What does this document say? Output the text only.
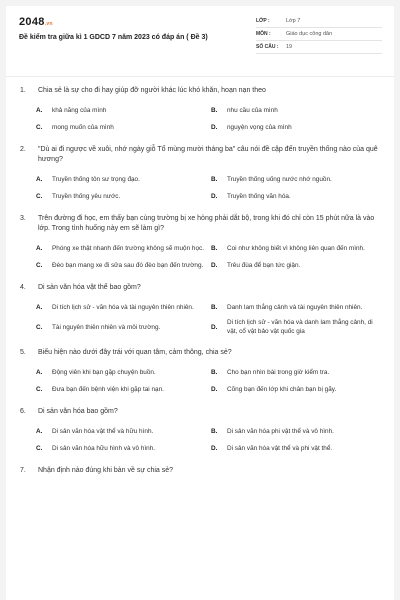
2048.vn
Đề kiểm tra giữa kì 1 GDCD 7 năm 2023 có đáp án ( Đề 3)
LỚP :	Lớp 7
MÔN :	Giáo dục công dân
SỐ CÂU :	19
1.	Chia sẻ là sự cho đi hay giúp đỡ người khác lúc khó khăn, hoạn nạn theo
A.	khả năng của mình	B.	nhu cầu của mình
C.	mong muốn của mình	D.	nguyện vọng của mình
2.	"Dù ai đi ngược về xuôi, nhớ ngày giỗ Tổ mùng mười tháng ba" câu nói đề cập đến truyền thống nào của quê hương?
A.	Truyền thống tôn sư trọng đạo.	B.	Truyền thống uống nước nhớ nguồn.
C.	Truyền thống yêu nước.	D.	Truyền thống văn hóa.
3.	Trên đường đi học, em thấy bạn cùng trường bị xe hỏng phải dắt bộ, trong khi đó chỉ còn 15 phút nữa là vào lớp. Trong tình huống này em sẽ làm gì?
A.	Phóng xe thật nhanh đến trường không sẽ muộn học.	B.	Coi như không biết vì không liên quan đến mình.
C.	Đèo bạn mang xe đi sửa sau đó đèo bạn đến trường.	D.	Trêu đùa để bạn tức giận.
4.	Di sản văn hóa vật thể bao gồm?
A.	Di tích lịch sử - văn hóa và tài nguyên thiên nhiên.	B.	Danh lam thắng cảnh và tài nguyên thiên nhiên.
C.	Tài nguyên thiên nhiên và môi trường.	D.
Di tích lịch sử - văn hóa và danh lam thắng cảnh, di vật, cổ vật bảo vật quốc gia
5.	Biểu hiện nào dưới đây trái với quan tâm, cảm thông, chia sẻ?
A.	Động viên khi bạn gặp chuyện buồn.	B.	Cho bạn nhìn bài trong giờ kiểm tra.
C.	Đưa bạn đến bệnh viện khi gặp tai nạn.	D.	Cõng bạn đến lớp khi chân bạn bị gãy.
6.	Di sản văn hóa bao gồm?
A.	Di sản văn hóa vật thể và hữu hình.	B.	Di sản văn hóa phi vật thể và vô hình.
C.	Di sản văn hóa hữu hình và vô hình.	D.	Di sản văn hóa vật thể và phi vật thể.
7.	Nhận định nào đúng khi bàn về sự chia sẻ?
